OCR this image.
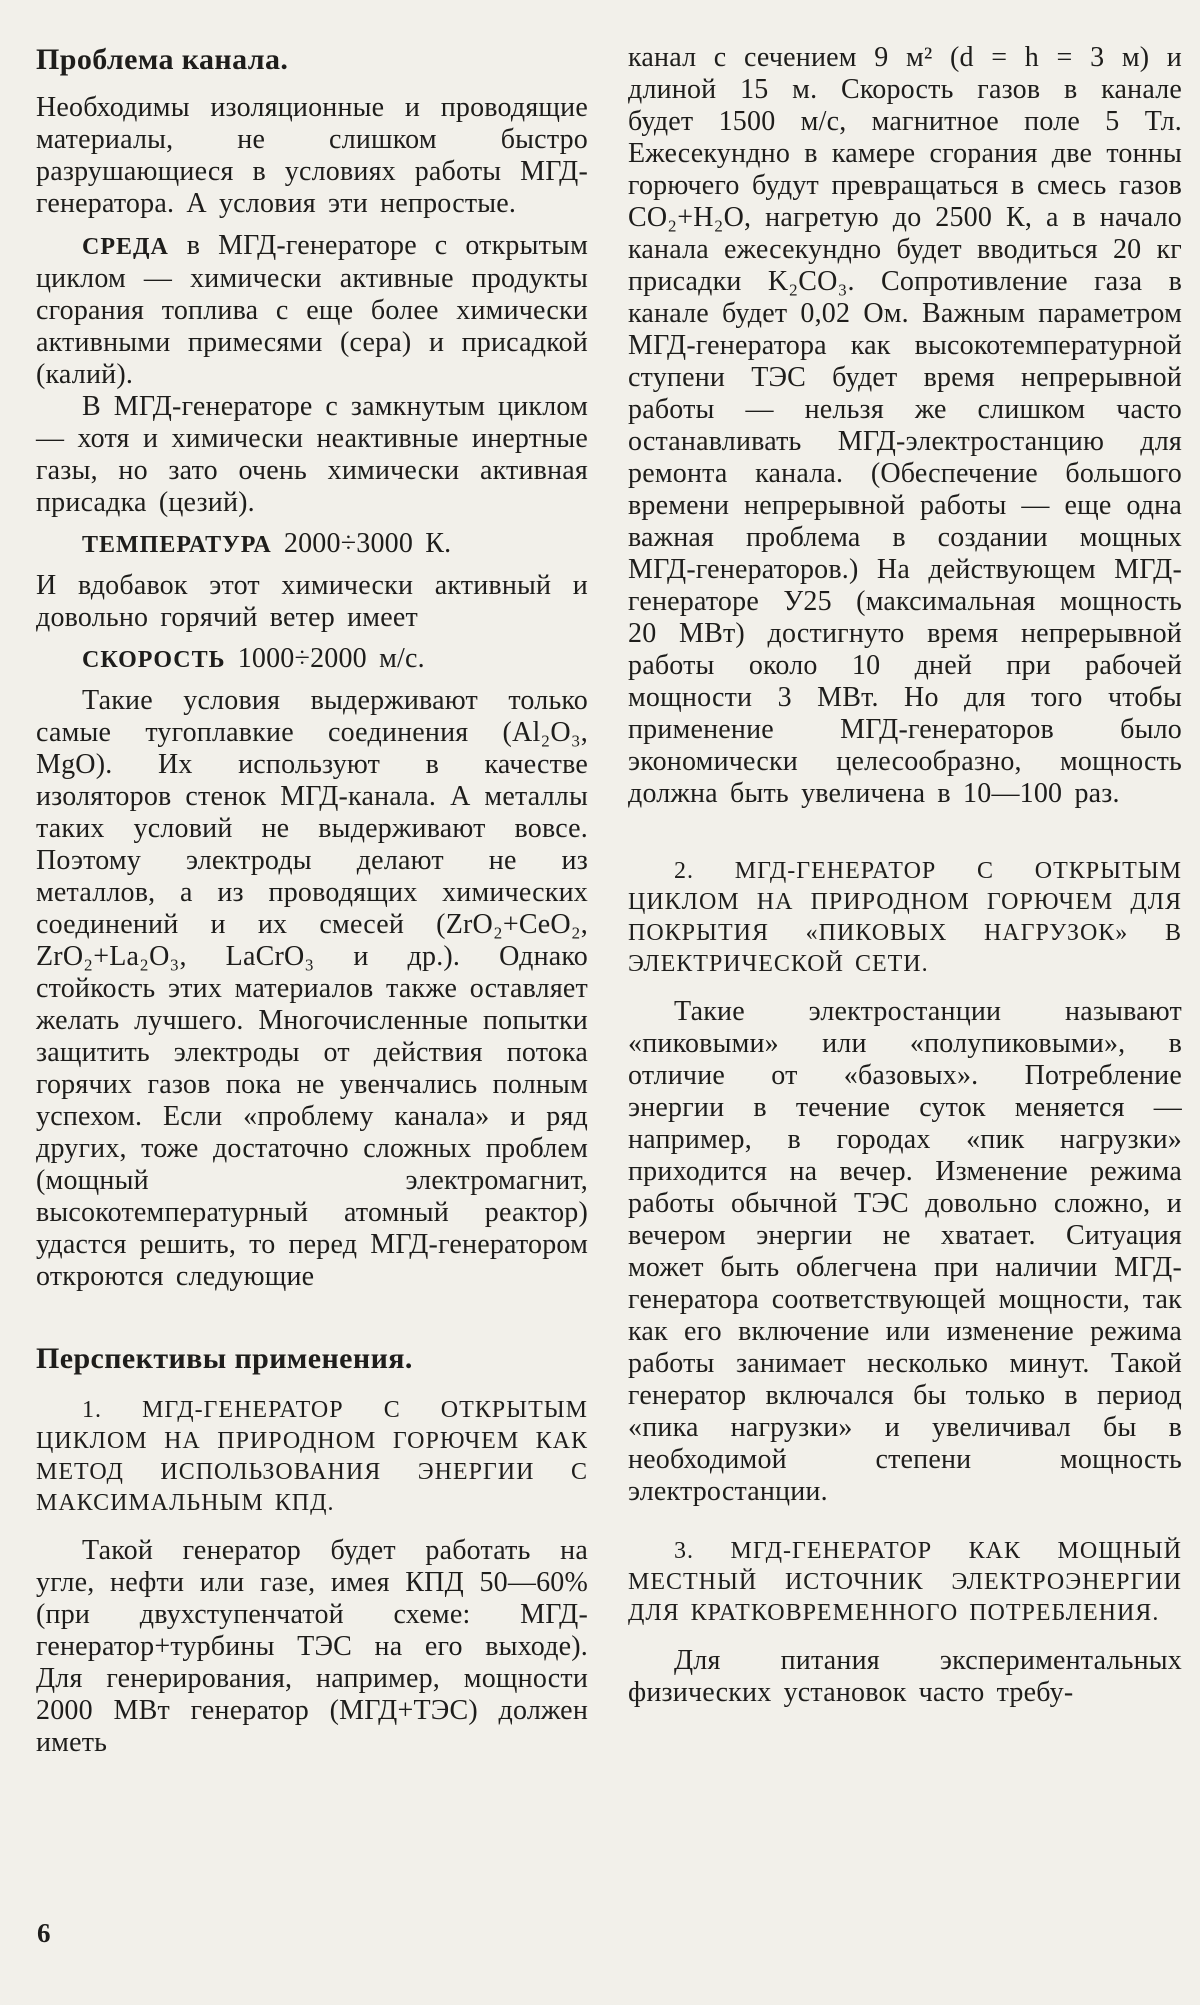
Проблема канала.

Необходимы изоляционные и проводящие материалы, не слишком быстро разрушающиеся в условиях работы МГД-генератора. А условия эти непростые.

СРЕДА в МГД-генераторе с открытым циклом — химически активные продукты сгорания топлива с еще более химически активными примесями (сера) и присадкой (калий).

В МГД-генераторе с замкнутым циклом — хотя и химически неактивные инертные газы, но зато очень химически активная присадка (цезий).

ТЕМПЕРАТУРА 2000÷3000 К.

И вдобавок этот химически активный и довольно горячий ветер имеет

СКОРОСТЬ 1000÷2000 м/с.

Такие условия выдерживают только самые тугоплавкие соединения (Al₂O₃, MgO). Их используют в качестве изоляторов стенок МГД-канала. А металлы таких условий не выдерживают вовсе. Поэтому электроды делают не из металлов, а из проводящих химических соединений и их смесей (ZrO₂+CeO₂, ZrO₂+La₂O₃, LaCrO₃ и др.). Однако стойкость этих материалов также оставляет желать лучшего. Многочисленные попытки защитить электроды от действия потока горячих газов пока не увенчались полным успехом. Если «проблему канала» и ряд других, тоже достаточно сложных проблем (мощный электромагнит, высокотемпературный атомный реактор) удастся решить, то перед МГД-генератором откроются следующие

Перспективы применения.

1. МГД-ГЕНЕРАТОР С ОТКРЫТЫМ ЦИКЛОМ НА ПРИРОДНОМ ГОРЮЧЕМ КАК МЕТОД ИСПОЛЬЗОВАНИЯ ЭНЕРГИИ С МАКСИМАЛЬНЫМ КПД.

Такой генератор будет работать на угле, нефти или газе, имея КПД 50—60% (при двухступенчатой схеме: МГД-генератор+турбины ТЭС на его выходе). Для генерирования, например, мощности 2000 МВт генератор (МГД+ТЭС) должен иметь

канал с сечением 9 м² (d = h = 3 м) и длиной 15 м. Скорость газов в канале будет 1500 м/с, магнитное поле 5 Тл. Ежесекундно в камере сгорания две тонны горючего будут превращаться в смесь газов CO₂+H₂O, нагретую до 2500 К, а в начало канала ежесекундно будет вводиться 20 кг присадки K₂CO₃. Сопротивление газа в канале будет 0,02 Ом. Важным параметром МГД-генератора как высокотемпературной ступени ТЭС будет время непрерывной работы — нельзя же слишком часто останавливать МГД-электростанцию для ремонта канала. (Обеспечение большого времени непрерывной работы — еще одна важная проблема в создании мощных МГД-генераторов.) На действующем МГД-генераторе У25 (максимальная мощность 20 МВт) достигнуто время непрерывной работы около 10 дней при рабочей мощности 3 МВт. Но для того чтобы применение МГД-генераторов было экономически целесообразно, мощность должна быть увеличена в 10—100 раз.

2. МГД-ГЕНЕРАТОР С ОТКРЫТЫМ ЦИКЛОМ НА ПРИРОДНОМ ГОРЮЧЕМ ДЛЯ ПОКРЫТИЯ «ПИКОВЫХ НАГРУЗОК» В ЭЛЕКТРИЧЕСКОЙ СЕТИ.

Такие электростанции называют «пиковыми» или «полупиковыми», в отличие от «базовых». Потребление энергии в течение суток меняется — например, в городах «пик нагрузки» приходится на вечер. Изменение режима работы обычной ТЭС довольно сложно, и вечером энергии не хватает. Ситуация может быть облегчена при наличии МГД-генератора соответствующей мощности, так как его включение или изменение режима работы занимает несколько минут. Такой генератор включался бы только в период «пика нагрузки» и увеличивал бы в необходимой степени мощность электростанции.

3. МГД-ГЕНЕРАТОР КАК МОЩНЫЙ МЕСТНЫЙ ИСТОЧНИК ЭЛЕКТРОЭНЕРГИИ ДЛЯ КРАТКОВРЕМЕННОГО ПОТРЕБЛЕНИЯ.

Для питания экспериментальных физических установок часто требу-

6
